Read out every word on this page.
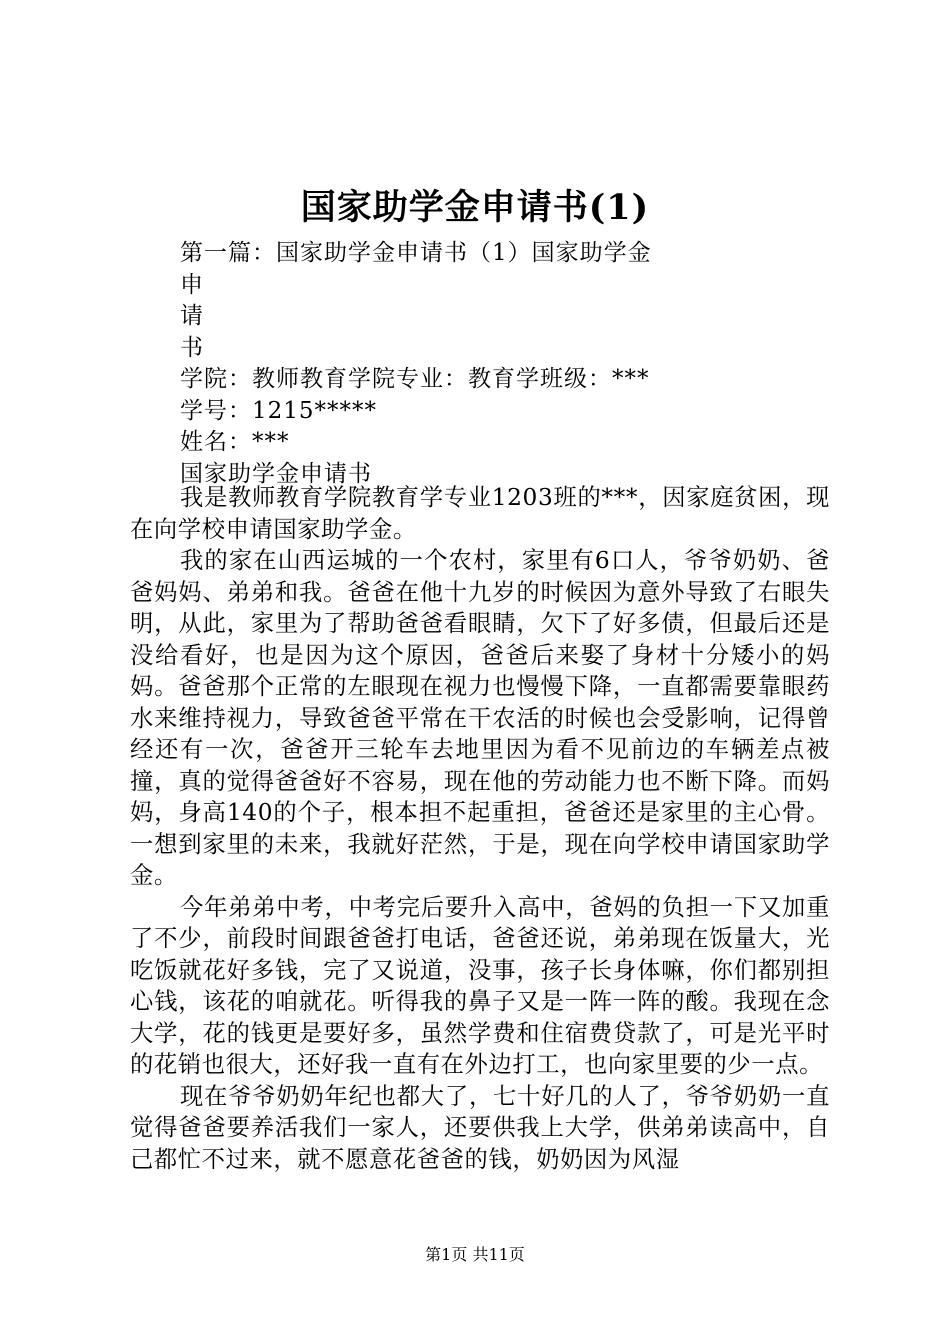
国家助学金申请书(1)
第一篇：国家助学金申请书（1）国家助学金
申
请
书
学院：教师教育学院专业：教育学班级：***
学号：1215*****
姓名：***
国家助学金申请书

我是教师教育学院教育学专业1203班的***，因家庭贫困，现在向学校申请国家助学金。

我的家在山西运城的一个农村，家里有6口人，爷爷奶奶、爸爸妈妈、弟弟和我。爸爸在他十九岁的时候因为意外导致了右眼失明，从此，家里为了帮助爸爸看眼睛，欠下了好多债，但最后还是没给看好，也是因为这个原因，爸爸后来娶了身材十分矮小的妈妈。爸爸那个正常的左眼现在视力也慢慢下降，一直都需要靠眼药水来维持视力，导致爸爸平常在干农活的时候也会受影响，记得曾经还有一次，爸爸开三轮车去地里因为看不见前边的车辆差点被撞，真的觉得爸爸好不容易，现在他的劳动能力也不断下降。而妈妈，身高140的个子，根本担不起重担，爸爸还是家里的主心骨。一想到家里的未来，我就好茫然，于是，现在向学校申请国家助学金。

今年弟弟中考，中考完后要升入高中，爸妈的负担一下又加重了不少，前段时间跟爸爸打电话，爸爸还说，弟弟现在饭量大，光吃饭就花好多钱，完了又说道，没事，孩子长身体嘛，你们都别担心钱，该花的咱就花。听得我的鼻子又是一阵一阵的酸。我现在念大学，花的钱更是要好多，虽然学费和住宿费贷款了，可是光平时的花销也很大，还好我一直有在外边打工，也向家里要的少一点。

现在爷爷奶奶年纪也都大了，七十好几的人了，爷爷奶奶一直觉得爸爸要养活我们一家人，还要供我上大学，供弟弟读高中，自己都忙不过来，就不愿意花爸爸的钱，奶奶因为风湿

第1页 共11页
